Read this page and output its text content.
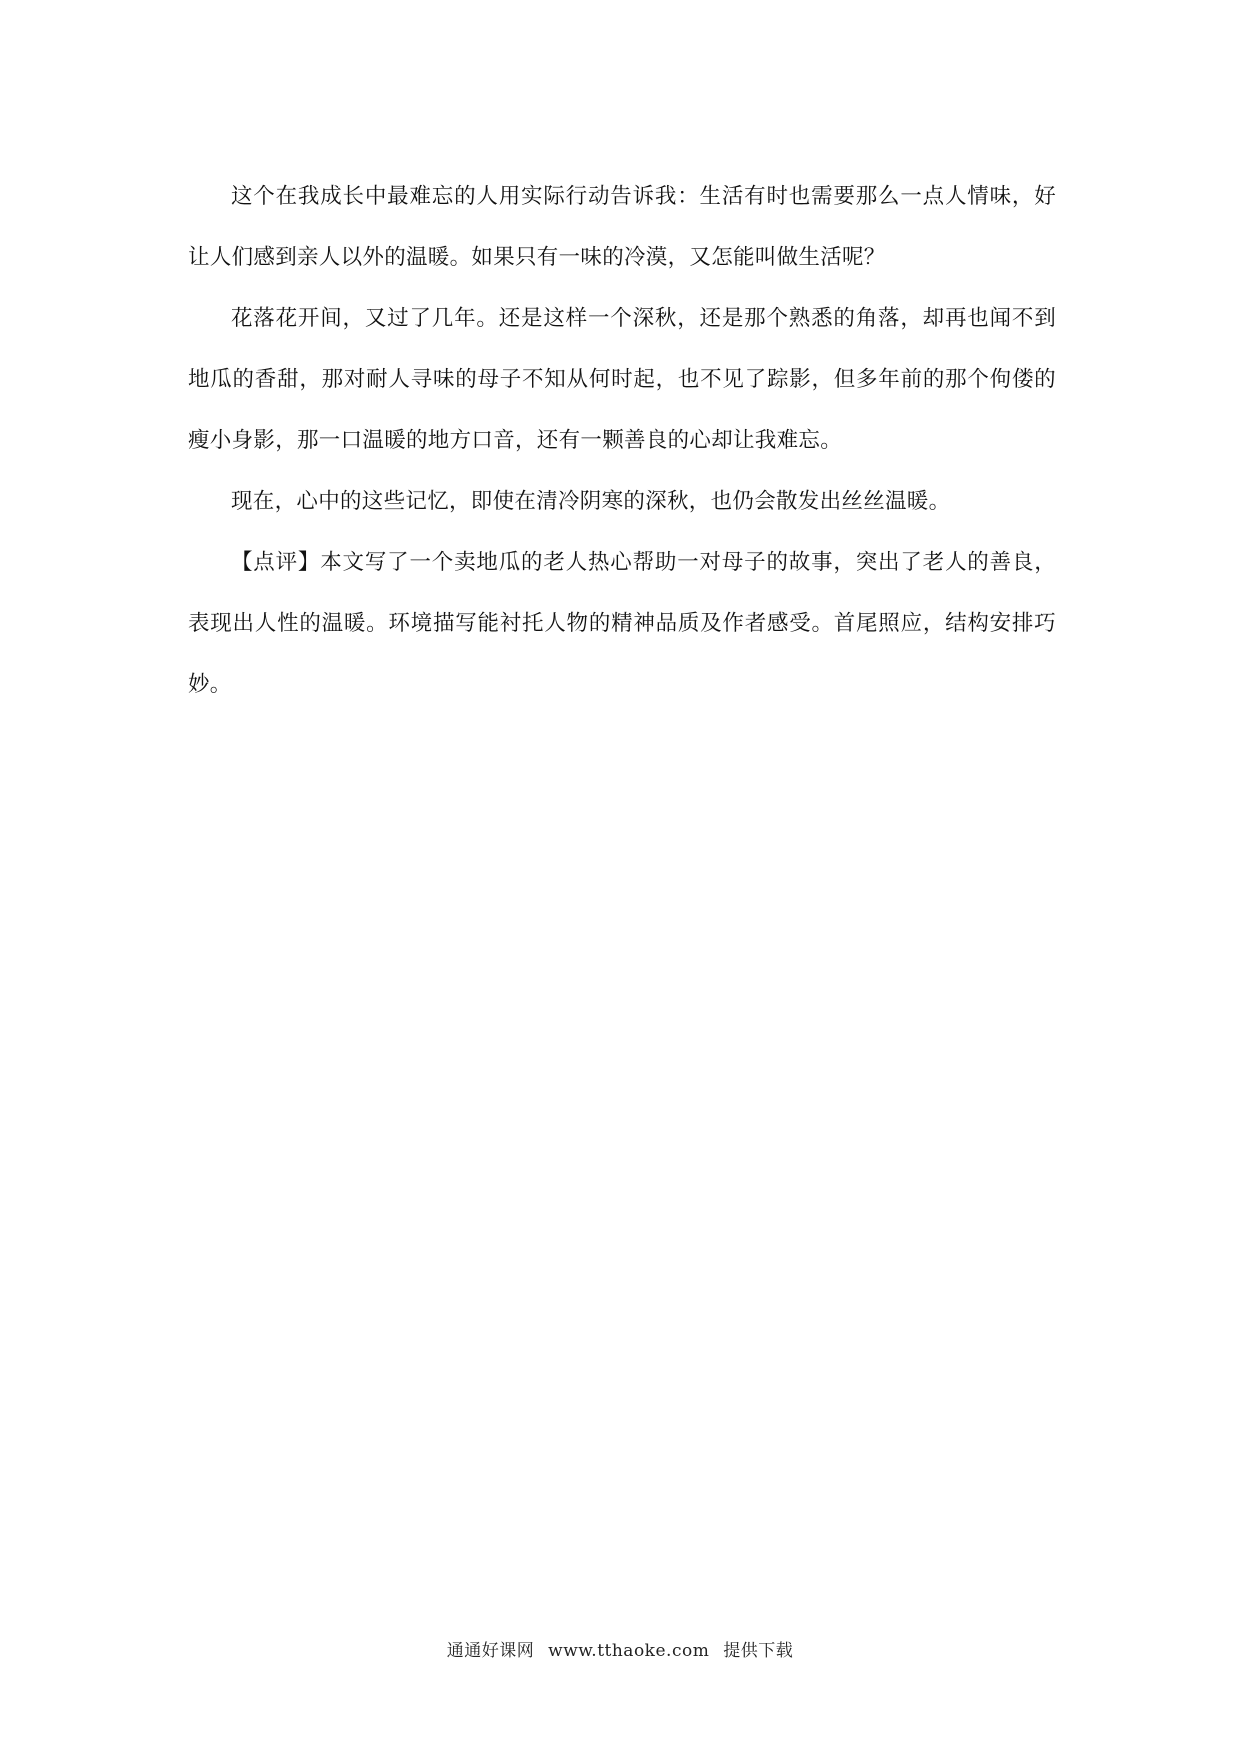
这个在我成长中最难忘的人用实际行动告诉我：生活有时也需要那么一点人情味，好让人们感到亲人以外的温暖。如果只有一味的冷漠，又怎能叫做生活呢？

花落花开间，又过了几年。还是这样一个深秋，还是那个熟悉的角落，却再也闻不到地瓜的香甜，那对耐人寻味的母子不知从何时起，也不见了踪影，但多年前的那个佝偻的瘦小身影，那一口温暖的地方口音，还有一颗善良的心却让我难忘。

现在，心中的这些记忆，即使在清冷阴寒的深秋，也仍会散发出丝丝温暖。

【点评】本文写了一个卖地瓜的老人热心帮助一对母子的故事，突出了老人的善良，表现出人性的温暖。环境描写能衬托人物的精神品质及作者感受。首尾照应，结构安排巧妙。

通通好课网 www.tthaoke.com 提供下载
